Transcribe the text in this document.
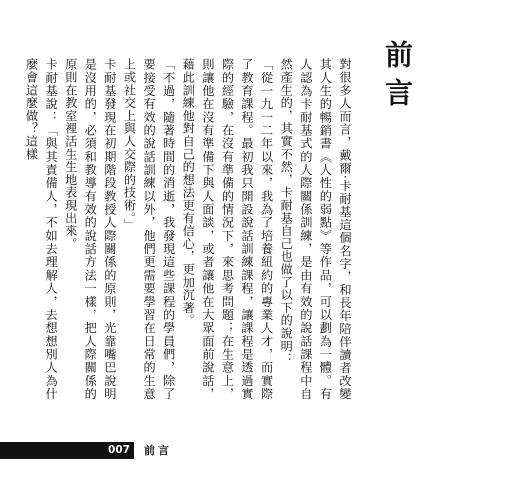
前言

對很多人而言，戴爾·卡耐基這個名字，和長年陪伴讀者改變其人生的暢銷書《人性的弱點》等作品，可以劃為一體。有人認為卡耐基式的人際關係訓練，是由有效的說話課程中自然產生的，其實不然，卡耐基自己也做了以下的說明：

「從一九一二年以來，我為了培養紐約的專業人才，而實際了教育課程。最初我只開設說話訓練課程，讓課程是透過實際的經驗，在沒有準備的情況下，來思考問題；在生意上，則讓他在沒有準備下與人面談，或者讓他在大眾面前說話，藉此訓練他對自己的想法更有信心，更加沉著。

「不過，隨著時間的消逝，我發現這些課程的學員們，除了要接受有效的說話訓練以外，他們更需要學習在日常的生意上或社交上與人交際的技術。」

卡耐基發現在初期階段教授人際關係的原則，光靠嘴巴說明是沒用的，必須和教導有效的說話方法一樣，把人際關係的原則在教室裡活生生地表現出來。

卡耐基說：「與其責備人，不如去理解人，去想想別人為什麼會這麼做？這樣

007	前言
